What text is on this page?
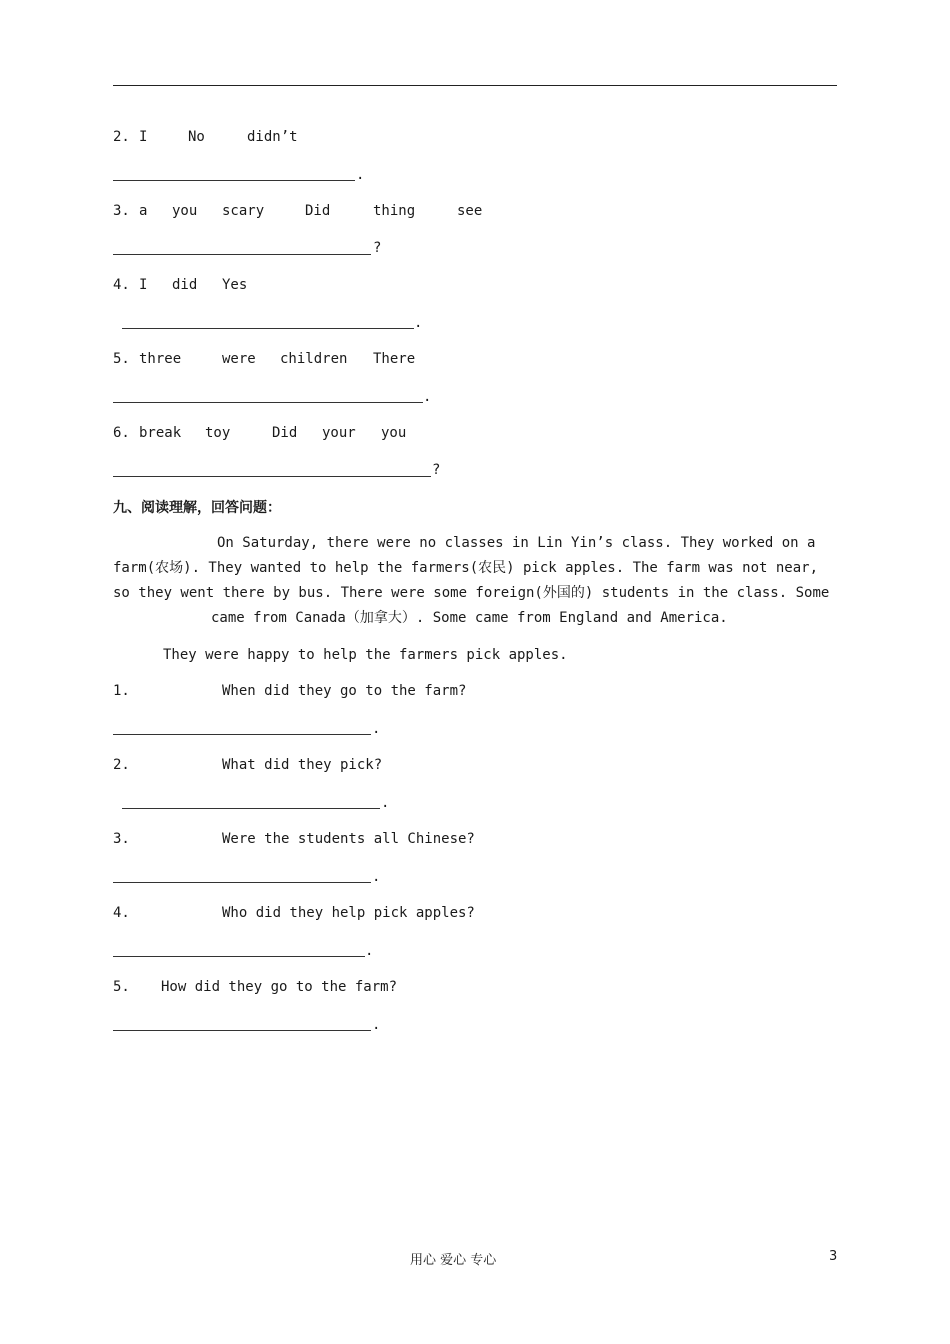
2. I	No	didn’t
.
3. a you scary	Did	thing	see
?
4. I did Yes
.
5. three	were children There
.
6. break toy	Did your you
?
九、阅读理解，回答问题：
On Saturday, there were no classes in Lin Yin’s class. They worked on a
farm(农场). They wanted to help the farmers(农民) pick apples. The farm was not near,
so they went there by bus. There were some foreign(外国的) students in the class. Some
came from Canada（加拿大）. Some came from England and America.
They were happy to help the farmers pick apples.
1.	When did they go to the farm?
.
2.	What did they pick?
.
3.	Were the students all Chinese?
.
4.	Who did they help pick apples?
.
5. How did they go to the farm?
.
用心 爱心 专心	3
